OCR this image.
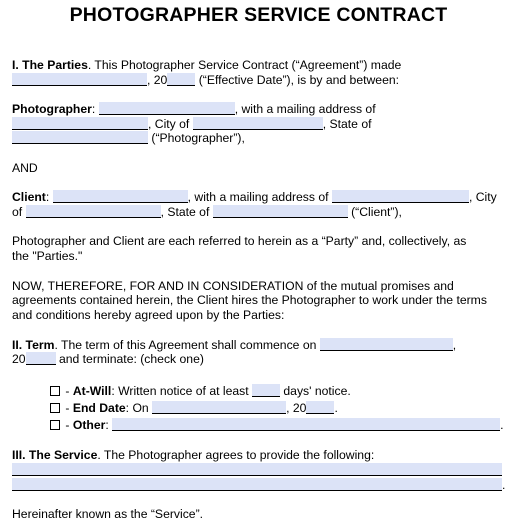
PHOTOGRAPHER SERVICE CONTRACT
I. The Parties. This Photographer Service Contract (“Agreement”) made
, 20 (“Effective Date”), is by and between:
Photographer:	, with a mailing address of
, City of	, State of
(“Photographer”),
AND
Client:	, with a mailing address of	, City
of	, State of	(“Client”),
Photographer and Client are each referred to herein as a “Party” and, collectively, as
the "Parties."
NOW, THEREFORE, FOR AND IN CONSIDERATION of the mutual promises and
agreements contained herein, the Client hires the Photographer to work under the terms
and conditions hereby agreed upon by the Parties:
II. Term. The term of this Agreement shall commence on	,
20 and terminate: (check one)
- At-Will: Written notice of at least	days' notice.
- End Date: On	, 20 .
- Other:	.
III. The Service. The Photographer agrees to provide the following:
.
Hereinafter known as the “Service”.
